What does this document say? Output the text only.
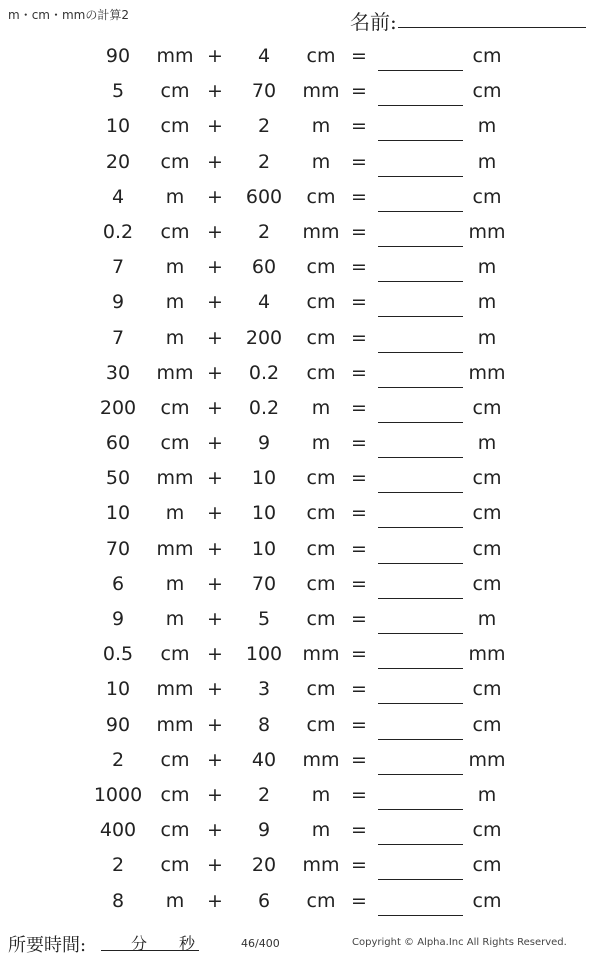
m・cm・mmの計算2	名前:
90	mm +	4	cm =	cm
5	cm +	70	mm =	cm
10	cm +	2	m	=	m
20	cm +	2	m	=	m
4	m	+	600	cm =	cm
0.2	cm +	2	mm =	mm
7	m	+	60	cm =	m
9	m	+	4	cm =	m
7	m	+	200	cm =	m
30	mm +	0.2	cm =	mm
200	cm +	0.2	m	=	cm
60	cm +	9	m	=	m
50	mm +	10	cm =	cm
10	m	+	10	cm =	cm
70	mm +	10	cm =	cm
6	m	+	70	cm =	cm
9	m	+	5	cm =	m
0.5	cm +	100	mm =	mm
10	mm +	3	cm =	cm
90	mm +	8	cm =	cm
2	cm +	40	mm =	mm
1000 cm +	2	m	=	m
400	cm +	9	m	=	cm
2	cm +	20	mm =	cm
8	m	+	6	cm =	cm
所要時間:	分 秒	46/400	Copyright © Alpha.Inc All Rights Reserved.
